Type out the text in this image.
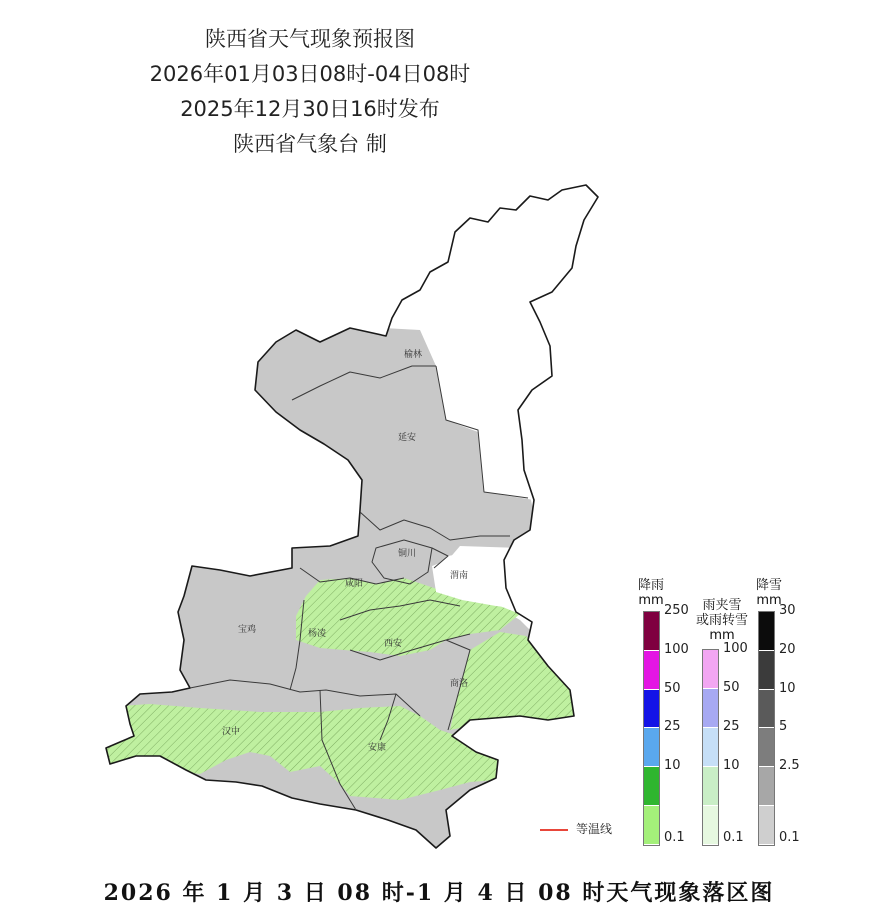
陕西省天气现象预报图
2026年01月03日08时-04日08时
2025年12月30日16时发布
陕西省气象台 制
榆林
延安
铜川
渭南
咸阳
宝鸡	杨凌
西安
商洛
汉中
安康
降雨
mm
250
100
50
25
10
0.1
雨夹雪
或雨转雪
mm
100
50
25
10
0.1
降雪
mm
30
20
10
5
2.5
0.1
等温线
2026 年 1 月 3 日 08 时-1 月 4 日 08 时天气现象落区图
